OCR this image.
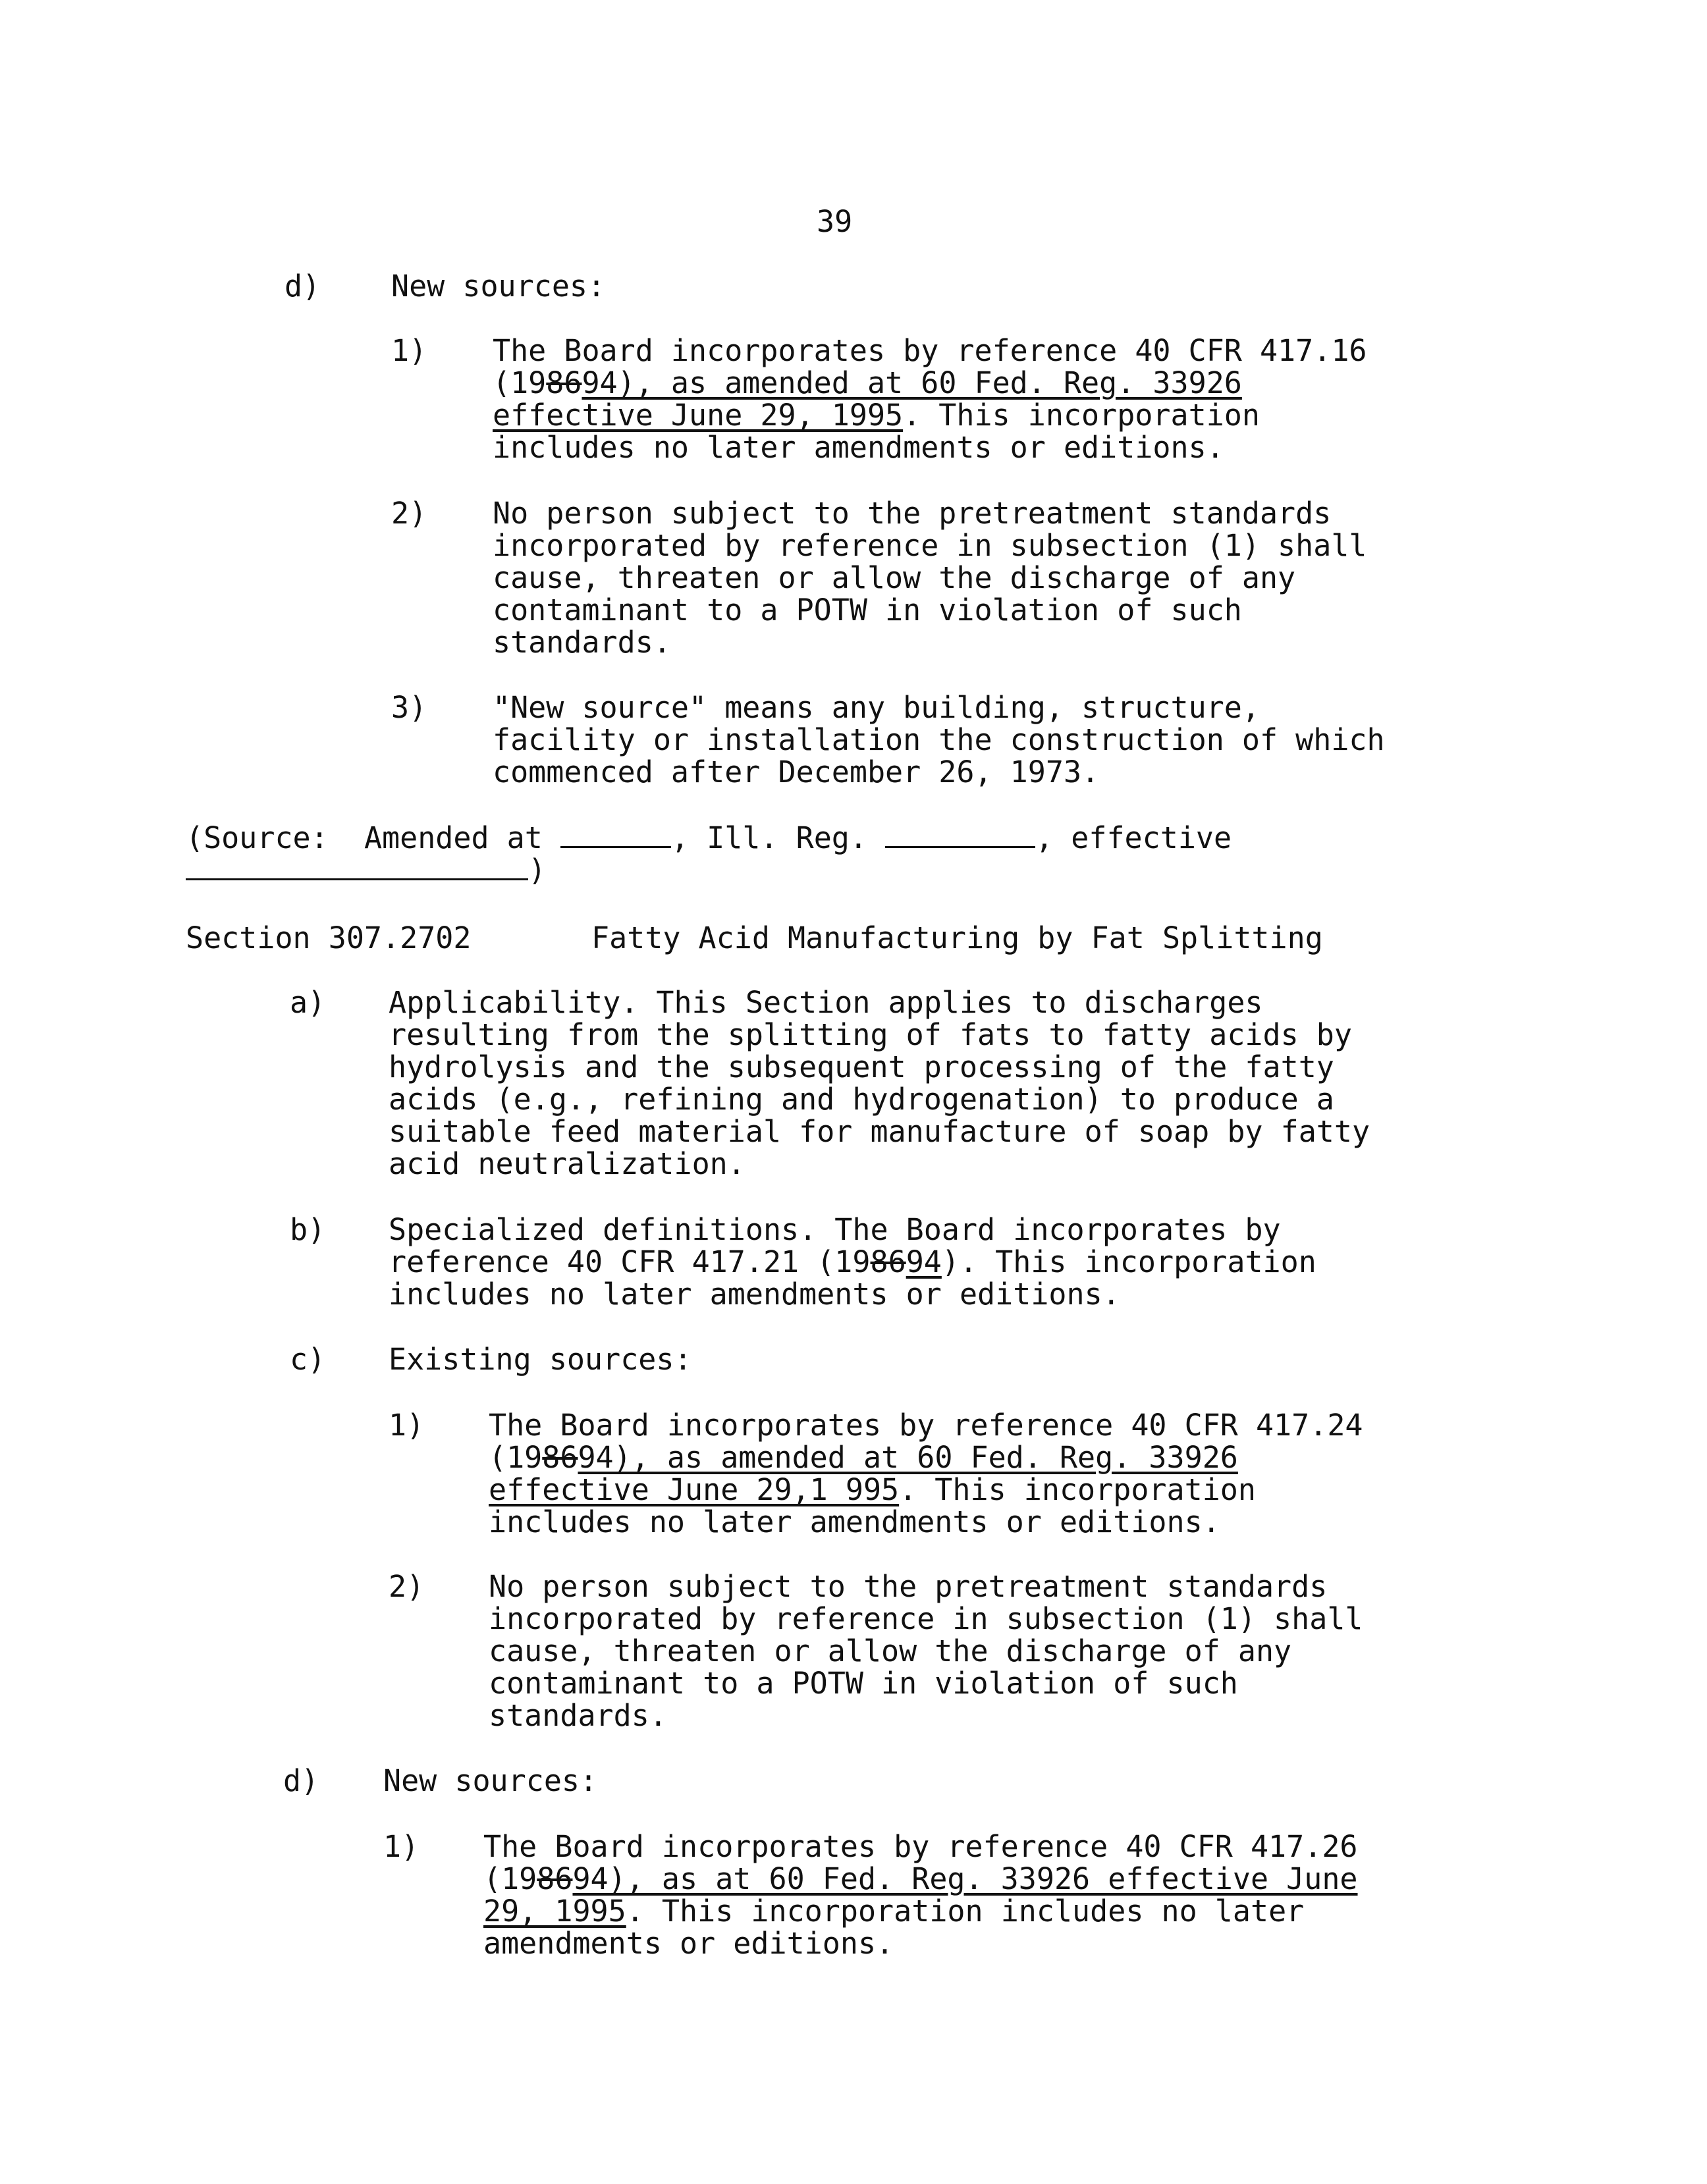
39
d) New sources:
1) The Board incorporates by reference 40 CFR 417.16
(198694), as amended at 60 Fed. Reg. 33926
effective June 29, 1995. This incorporation
includes no later amendments or editions.
2) No person subject to the pretreatment standards
incorporated by reference in subsection (1) shall
cause, threaten or allow the discharge of any
contaminant to a POTW in violation of such
standards.
3) "New source" means any building, structure,
facility or installation the construction of which
commenced after December 26, 1973.
(Source: Amended at	, Ill. Reg.	, effective
)
Section 307.2702	Fatty Acid Manufacturing by Fat Splitting
a) Applicability. This Section applies to discharges
resulting from the splitting of fats to fatty acids by
hydrolysis and the subsequent processing of the fatty
acids (e.g., refining and hydrogenation) to produce a
suitable feed material for manufacture of soap by fatty
acid neutralization.
b) Specialized definitions. The Board incorporates by
reference 40 CFR 417.21 (198694). This incorporation
includes no later amendments or editions.
c) Existing sources:
1) The Board incorporates by reference 40 CFR 417.24
(198694), as amended at 60 Fed. Reg. 33926
effective June 29,1 995. This incorporation
includes no later amendments or editions.
2) No person subject to the pretreatment standards
incorporated by reference in subsection (1) shall
cause, threaten or allow the discharge of any
contaminant to a POTW in violation of such
standards.
d) New sources:
1) The Board incorporates by reference 40 CFR 417.26
(198694), as at 60 Fed. Reg. 33926 effective June
29, 1995. This incorporation includes no later
amendments or editions.
